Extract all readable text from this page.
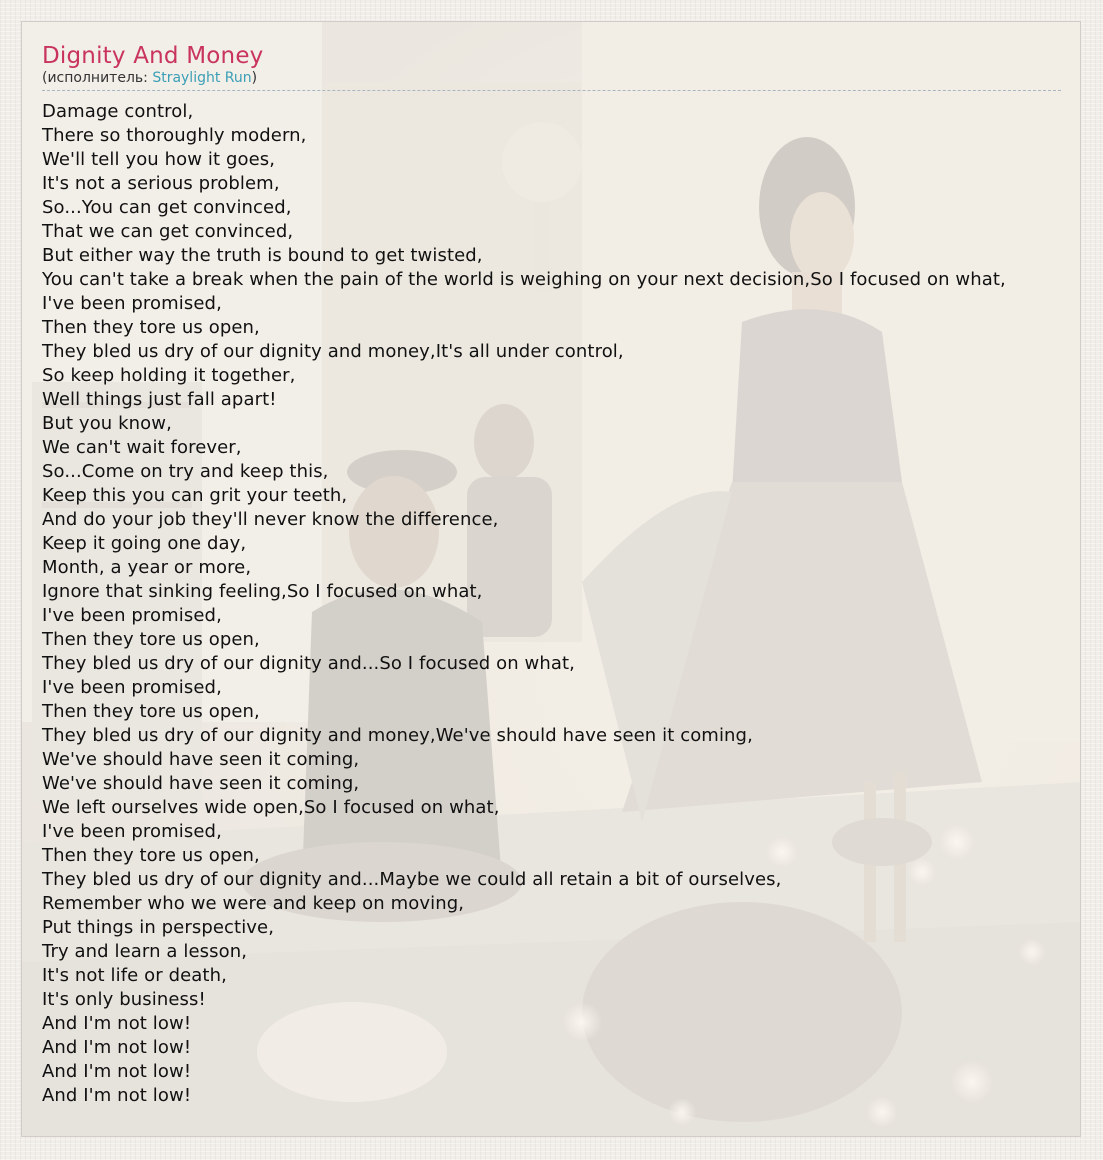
Dignity And Money
(исполнитель: Straylight Run)
Damage control,
There so thoroughly modern,
We'll tell you how it goes,
It's not a serious problem,
So...You can get convinced,
That we can get convinced,
But either way the truth is bound to get twisted,
You can't take a break when the pain of the world is weighing on your next decision,So I focused on what,
I've been promised,
Then they tore us open,
They bled us dry of our dignity and money,It's all under control,
So keep holding it together,
Well things just fall apart!
But you know,
We can't wait forever,
So...Come on try and keep this,
Keep this you can grit your teeth,
And do your job they'll never know the difference,
Keep it going one day,
Month, a year or more,
Ignore that sinking feeling,So I focused on what,
I've been promised,
Then they tore us open,
They bled us dry of our dignity and...So I focused on what,
I've been promised,
Then they tore us open,
They bled us dry of our dignity and money,We've should have seen it coming,
We've should have seen it coming,
We've should have seen it coming,
We left ourselves wide open,So I focused on what,
I've been promised,
Then they tore us open,
They bled us dry of our dignity and...Maybe we could all retain a bit of ourselves,
Remember who we were and keep on moving,
Put things in perspective,
Try and learn a lesson,
It's not life or death,
It's only business!
And I'm not low!
And I'm not low!
And I'm not low!
And I'm not low!
